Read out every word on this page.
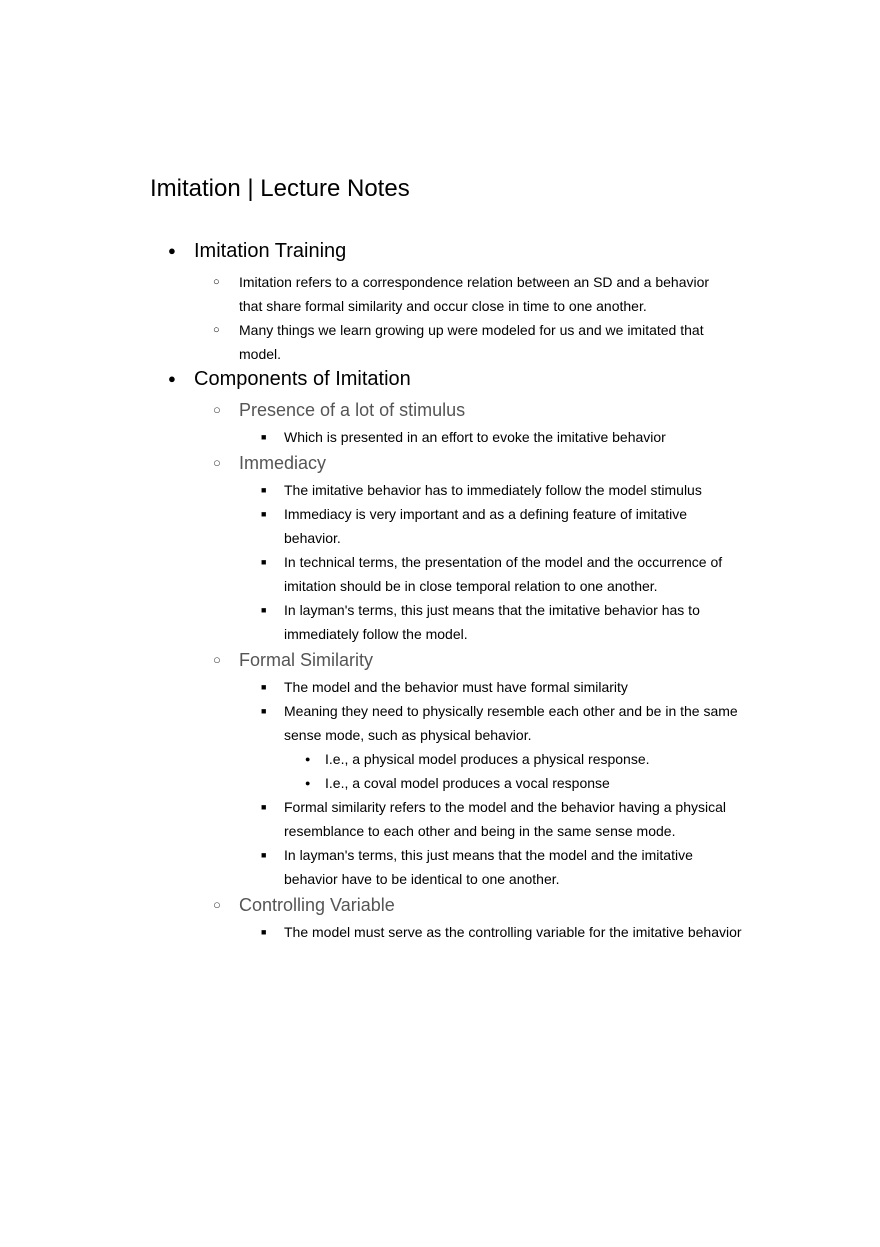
Imitation | Lecture Notes
● Imitation Training
○ Imitation refers to a correspondence relation between an SD and a behavior that share formal similarity and occur close in time to one another.
○ Many things we learn growing up were modeled for us and we imitated that model.
● Components of Imitation
○ Presence of a lot of stimulus
■ Which is presented in an effort to evoke the imitative behavior
○ Immediacy
■ The imitative behavior has to immediately follow the model stimulus
■ Immediacy is very important and as a defining feature of imitative behavior.
■ In technical terms, the presentation of the model and the occurrence of imitation should be in close temporal relation to one another.
■ In layman's terms, this just means that the imitative behavior has to immediately follow the model.
○ Formal Similarity
■ The model and the behavior must have formal similarity
■ Meaning they need to physically resemble each other and be in the same sense mode, such as physical behavior.
● I.e., a physical model produces a physical response.
● I.e., a coval model produces a vocal response
■ Formal similarity refers to the model and the behavior having a physical resemblance to each other and being in the same sense mode.
■ In layman's terms, this just means that the model and the imitative behavior have to be identical to one another.
○ Controlling Variable
■ The model must serve as the controlling variable for the imitative behavior
